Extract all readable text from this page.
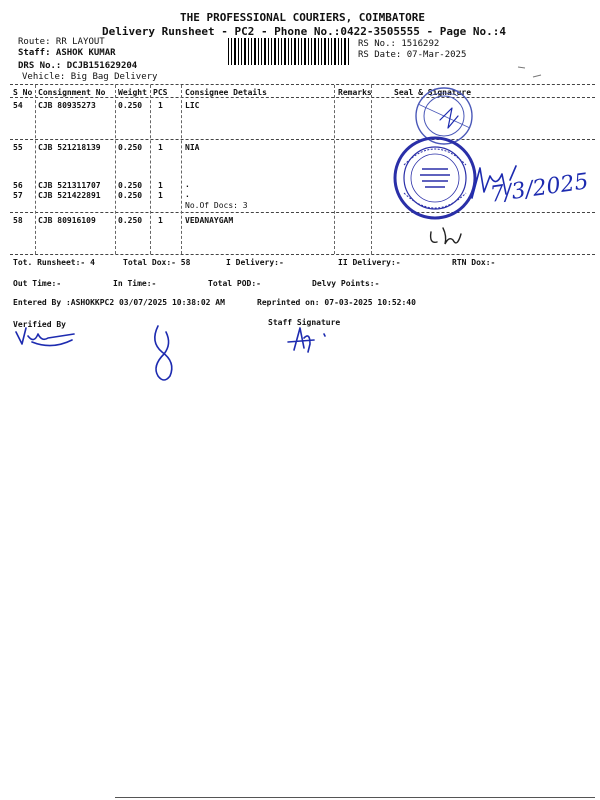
THE PROFESSIONAL COURIERS, COIMBATORE
Delivery Runsheet - PC2 - Phone No.:0422-3505555 - Page No.:4
Route: RR LAYOUT
Staff: ASHOK KUMAR
DRS No.: DCJB151629204
Vehicle: Big Bag Delivery
RS No.: 1516292
RS Date: 07-Mar-2025
S No Consignment No Weight PCS Consignee Details	Remarks	Seal & Signature
54 CJB 80935273	0.250 1	LIC
55 CJB 521218139 0.250 1	NIA
56 CJB 521311707 0.250 1	.
57 CJB 521422891 0.250 1	.
No.Of Docs: 3
58 CJB 80916109	0.250 1	VEDANAYGAM
Tot. Runsheet:- 4	Total Dox:- 58	I Delivery:-	II Delivery:-	RTN Dox:-
Out Time:-	In Time:-	Total POD:-	Delvy Points:-
Entered By :ASHOKKPC2 03/07/2025 10:38:02 AM	Reprinted on: 07-03-2025 10:52:40
Verified By	Staff Signature
7/3/2025
